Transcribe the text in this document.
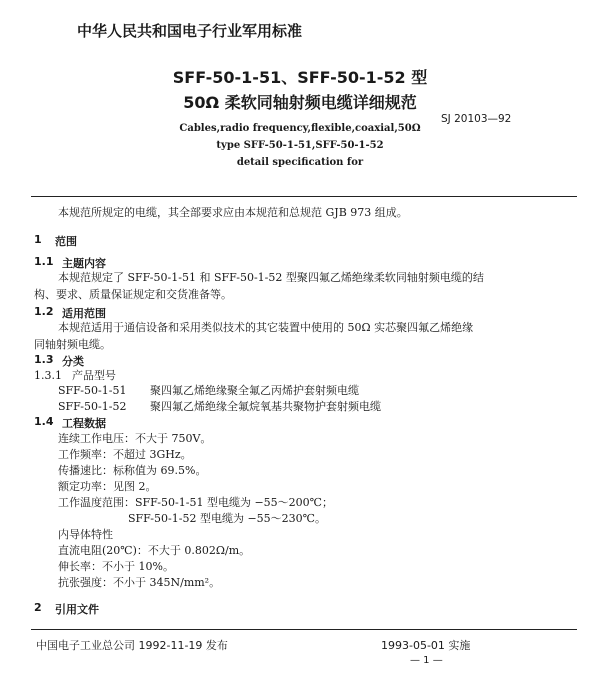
中华人民共和国电子行业军用标准
SFF-50-1-51、SFF-50-1-52 型
50Ω 柔软同轴射频电缆详细规范
SJ 20103—92
Cables,radio frequency,flexible,coaxial,50Ω
type SFF-50-1-51,SFF-50-1-52
detail specification for
本规范所规定的电缆，其全部要求应由本规范和总规范 GJB 973 组成。
1 范围
1.1 主题内容
本规范规定了 SFF-50-1-51 和 SFF-50-1-52 型聚四氟乙烯绝缘柔软同轴射频电缆的结
构、要求、质量保证规定和交货准备等。
1.2 适用范围
本规范适用于通信设备和采用类似技术的其它装置中使用的 50Ω 实芯聚四氟乙烯绝缘
同轴射频电缆。
1.3 分类
1.3.1 产品型号
SFF-50-1-51 聚四氟乙烯绝缘聚全氟乙丙烯护套射频电缆
SFF-50-1-52 聚四氟乙烯绝缘全氟烷氧基共聚物护套射频电缆
1.4 工程数据
连续工作电压：不大于 750V。
工作频率：不超过 3GHz。
传播速比：标称值为 69.5%。
额定功率：见图 2。
工作温度范围：SFF-50-1-51 型电缆为 −55～200℃；
SFF-50-1-52 型电缆为 −55～230℃。
内导体特性
直流电阻(20℃)：不大于 0.802Ω/m。
伸长率：不小于 10%。
抗张强度：不小于 345N/mm²。
2 引用文件
中国电子工业总公司 1992-11-19 发布	1993-05-01 实施
— 1 —
